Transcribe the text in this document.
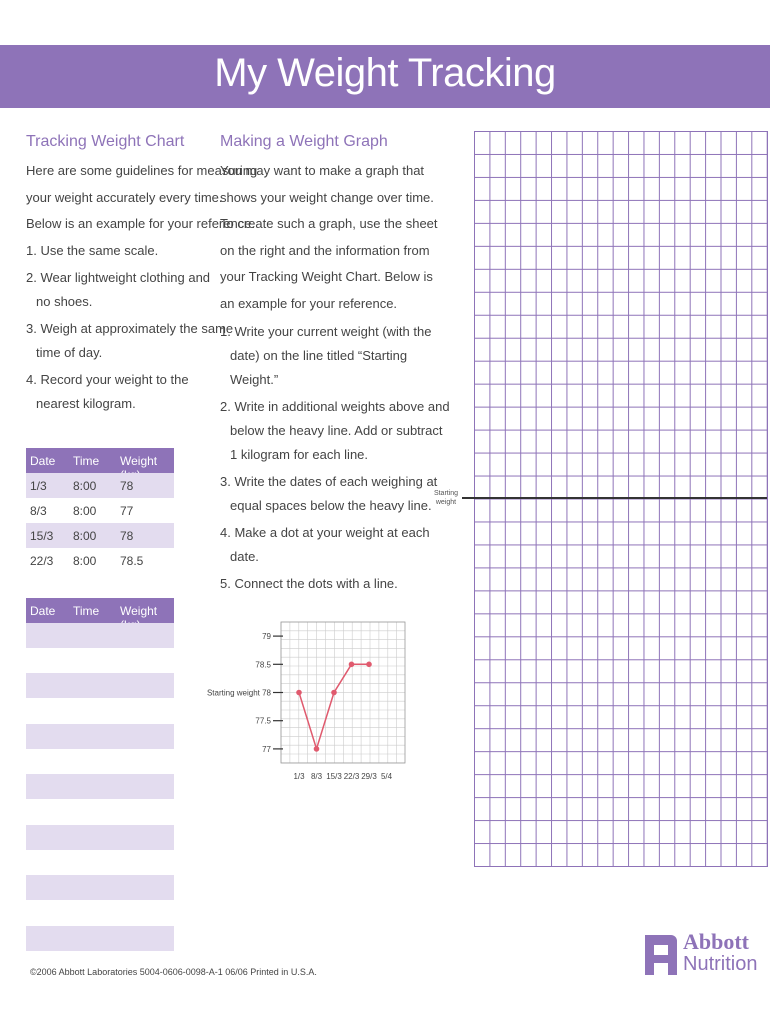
My Weight Tracking
Tracking Weight Chart
Here are some guidelines for measuring
your weight accurately every time.
Below is an example for your reference.
1. Use the same scale.
2. Wear lightweight clothing and
no shoes.
3. Weigh at approximately the same
time of day.
4. Record your weight to the
nearest kilogram.
Date Time Weight
1/3 8:00 78
8/3 8:00 77
15/3 8:00 78
22/3 8:00 78.5
Date Time Weight
Making a Weight Graph
You may want to make a graph that
shows your weight change over time.
To create such a graph, use the sheet
on the right and the information from
your Tracking Weight Chart. Below is
an example for your reference.
1. Write your current weight (with the
date) on the line titled “Starting
Weight.”
2. Write in additional weights above and
below the heavy line. Add or subtract
1 kilogram for each line.
3. Write the dates of each weighing at
equal spaces below the heavy line.
4. Make a dot at your weight at each
date.
5. Connect the dots with a line.
79
78.5
Starting weight 78
77.5
77
1/3 8/3 15/3 22/3 29/3 5/4
Starting
weight
©2006 Abbott Laboratories 5004-0606-0098-A-1 06/06 Printed in U.S.A.
Abbott
Nutrition
